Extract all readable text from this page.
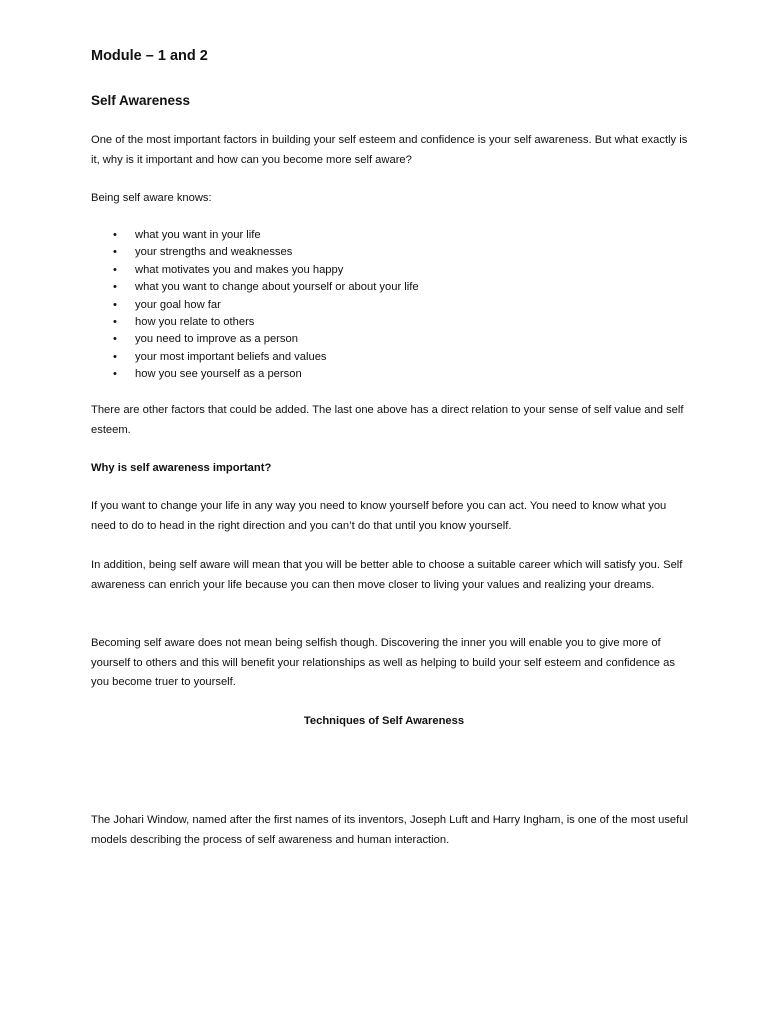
Module – 1 and 2
Self Awareness

One of the most important factors in building your self esteem and confidence is your self awareness. But what exactly is it, why is it important and how can you become more self aware?

Being self aware knows:

•	what you want in your life
•	your strengths and weaknesses
•	what motivates you and makes you happy
•	what you want to change about yourself or about your life
•	your goal how far
•	how you relate to others
•	you need to improve as a person
•	your most important beliefs and values
•	how you see yourself as a person

There are other factors that could be added. The last one above has a direct relation to your sense of self value and self esteem.

Why is self awareness important?

If you want to change your life in any way you need to know yourself before you can act. You need to know what you need to do to head in the right direction and you can’t do that until you know yourself.

In addition, being self aware will mean that you will be better able to choose a suitable career which will satisfy you. Self awareness can enrich your life because you can then move closer to living your values and realizing your dreams.

Becoming self aware does not mean being selfish though. Discovering the inner you will enable you to give more of yourself to others and this will benefit your relationships as well as helping to build your self esteem and confidence as you become truer to yourself.

Techniques of Self Awareness

The Johari Window, named after the first names of its inventors, Joseph Luft and Harry Ingham, is one of the most useful models describing the process of self awareness and human interaction.
